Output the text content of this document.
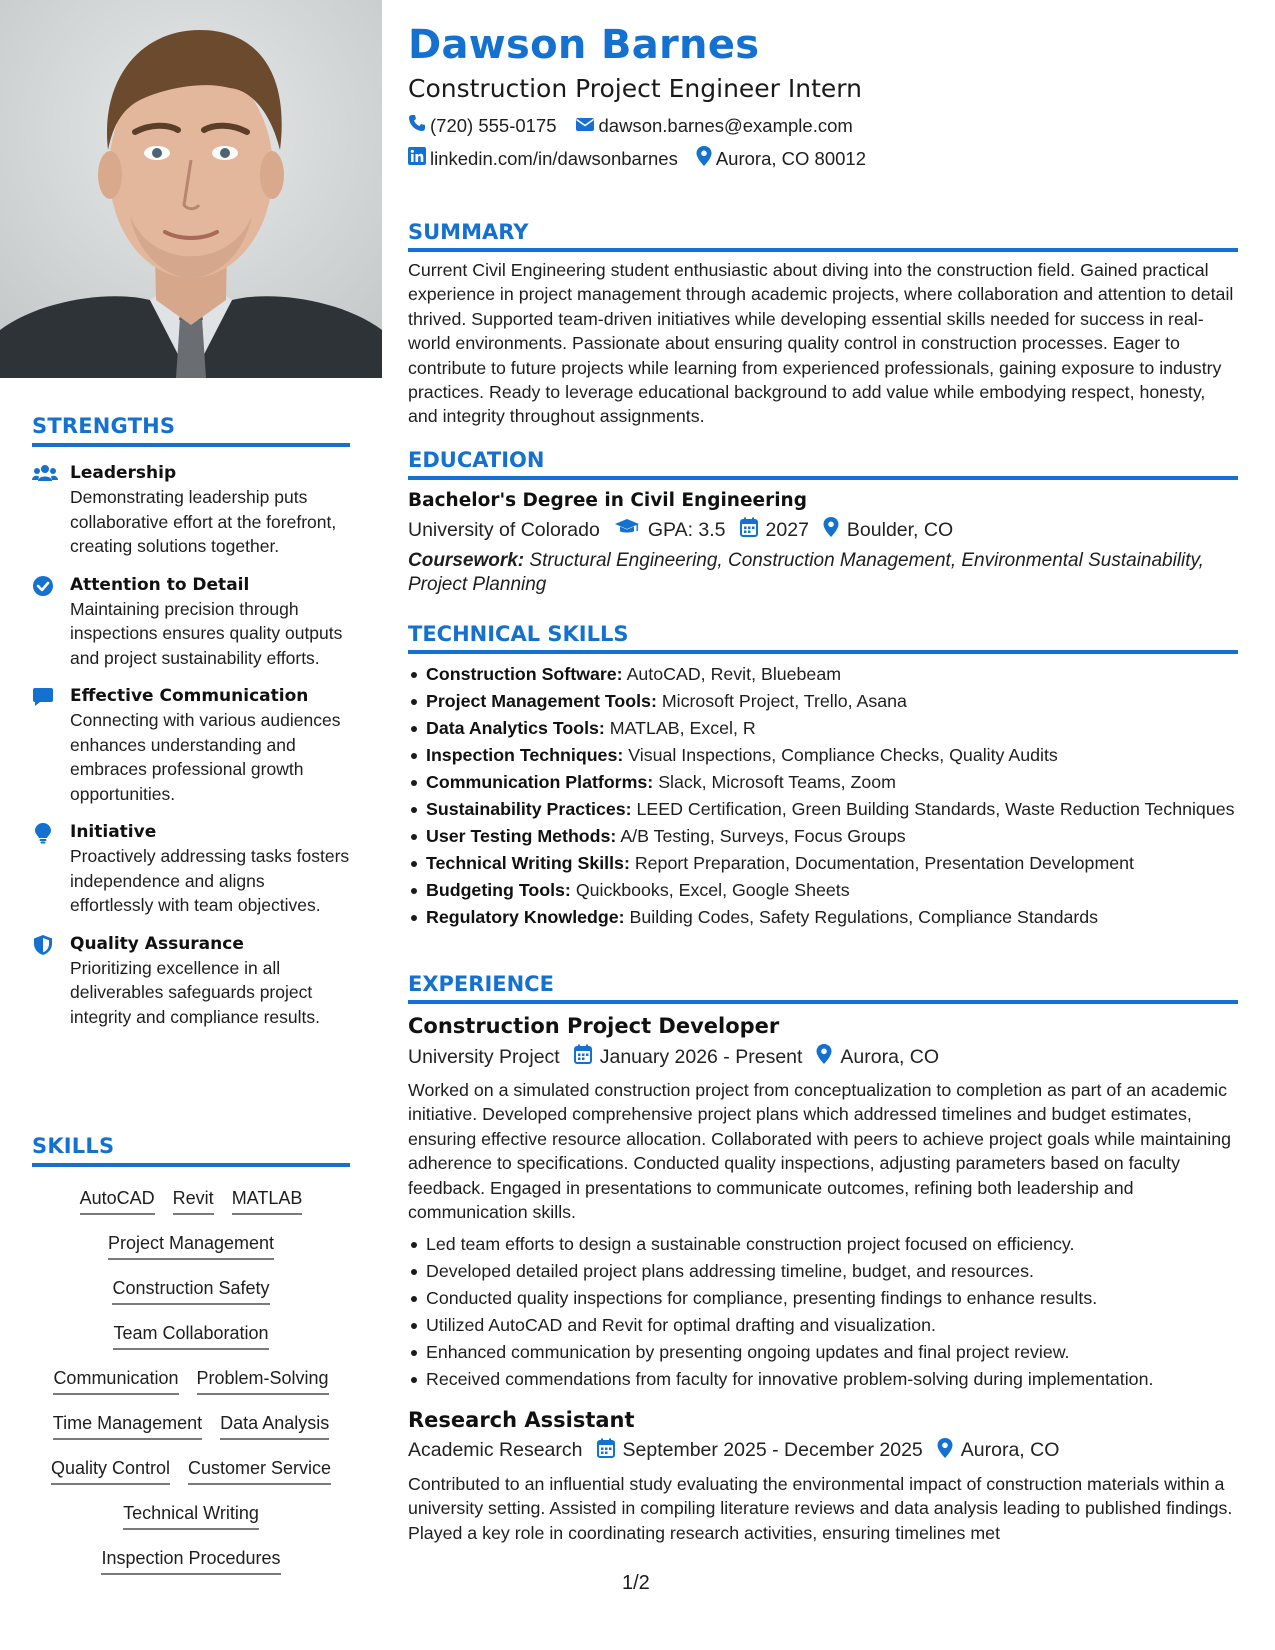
STRENGTHS
Leadership
Demonstrating leadership puts collaborative effort at the forefront, creating solutions together.
Attention to Detail
Maintaining precision through inspections ensures quality outputs and project sustainability efforts.
Effective Communication
Connecting with various audiences enhances understanding and embraces professional growth opportunities.
Initiative
Proactively addressing tasks fosters independence and aligns effortlessly with team objectives.
Quality Assurance
Prioritizing excellence in all deliverables safeguards project integrity and compliance results.
SKILLS
AutoCAD Revit MATLAB
Project Management
Construction Safety
Team Collaboration
Communication Problem-Solving
Time Management Data Analysis
Quality Control Customer Service
Technical Writing
Inspection Procedures
Dawson Barnes
Construction Project Engineer Intern
(720) 555-0175 dawson.barnes@example.com
linkedin.com/in/dawsonbarnes Aurora, CO 80012
SUMMARY

Current Civil Engineering student enthusiastic about diving into the construction field. Gained practical experience in project management through academic projects, where collaboration and attention to detail thrived. Supported team-driven initiatives while developing essential skills needed for success in real-world environments. Passionate about ensuring quality control in construction processes. Eager to contribute to future projects while learning from experienced professionals, gaining exposure to industry practices. Ready to leverage educational background to add value while embodying respect, honesty, and integrity throughout assignments.

EDUCATION
Bachelor's Degree in Civil Engineering
University of Colorado GPA: 3.5 2027 Boulder, CO

Coursework: Structural Engineering, Construction Management, Environmental Sustainability, Project Planning

TECHNICAL SKILLS
Construction Software: AutoCAD, Revit, Bluebeam
Project Management Tools: Microsoft Project, Trello, Asana
Data Analytics Tools: MATLAB, Excel, R
Inspection Techniques: Visual Inspections, Compliance Checks, Quality Audits
Communication Platforms: Slack, Microsoft Teams, Zoom
Sustainability Practices: LEED Certification, Green Building Standards, Waste Reduction Techniques
User Testing Methods: A/B Testing, Surveys, Focus Groups
Technical Writing Skills: Report Preparation, Documentation, Presentation Development
Budgeting Tools: Quickbooks, Excel, Google Sheets
Regulatory Knowledge: Building Codes, Safety Regulations, Compliance Standards
EXPERIENCE
Construction Project Developer
University Project January 2026 - Present Aurora, CO

Worked on a simulated construction project from conceptualization to completion as part of an academic initiative. Developed comprehensive project plans which addressed timelines and budget estimates, ensuring effective resource allocation. Collaborated with peers to achieve project goals while maintaining adherence to specifications. Conducted quality inspections, adjusting parameters based on faculty feedback. Engaged in presentations to communicate outcomes, refining both leadership and communication skills.

Led team efforts to design a sustainable construction project focused on efficiency.
Developed detailed project plans addressing timeline, budget, and resources.
Conducted quality inspections for compliance, presenting findings to enhance results.
Utilized AutoCAD and Revit for optimal drafting and visualization.
Enhanced communication by presenting ongoing updates and final project review.
Received commendations from faculty for innovative problem-solving during implementation.
Research Assistant
Academic Research September 2025 - December 2025 Aurora, CO

Contributed to an influential study evaluating the environmental impact of construction materials within a university setting. Assisted in compiling literature reviews and data analysis leading to published findings. Played a key role in coordinating research activities, ensuring timelines met

1/2
